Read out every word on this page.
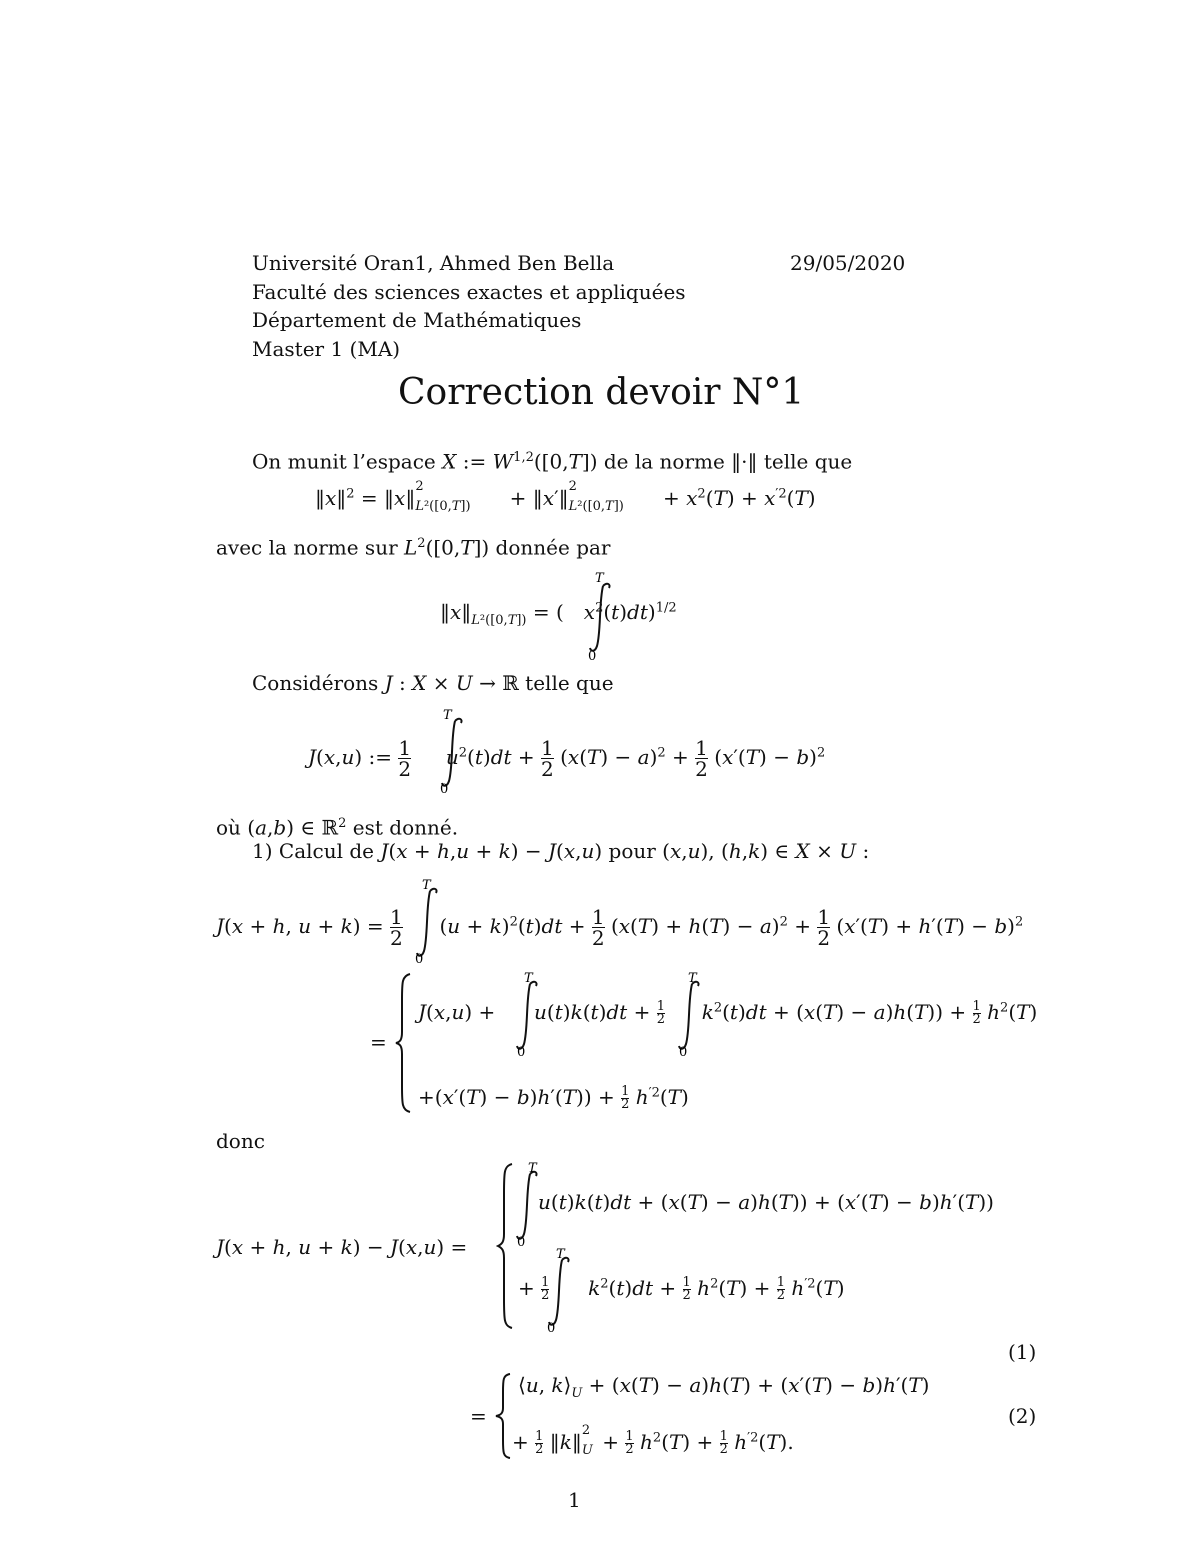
Université Oran1, Ahmed Ben Bella	29/05/2020
Faculté des sciences exactes et appliquées
Département de Mathématiques
Master 1 (MA)
Correction devoir N°1
On munit l’espace X := W$^{1,2}$([0,T]) de la norme ‖·‖ telle que
‖x‖$^2$ = ‖x‖ 2
L²([0,T]) + ‖x′‖ 2
$L^2([0,T]) + x^2(T) + x^{'2}(T)$
avec la norme sur $L^2([0,T])$ donnée par
$‖x‖_{L^2([0,T])}$ = ( $x^2(t)dt)^{1/2}$
T
0
Considérons J : X × U → ℝ telle que
J(x,u) := $\frac{1}{2} u^2(t)dt + \frac{1}{2} (x(T) - a)^2 + \frac{1}{2} (x'(T) - b)^2$
T
0
où (a,b) ∈ ℝ$^2$ est donné.
1) Calcul de J(x + h,u + k) − J(x,u) pour (x,u), (h,k) ∈ X × U :
J(x + h, $u + k) = \frac{1}{2} (u + k)^2(t)dt + \frac{1}{2} (x(T) + h(T) - a)^2 + \frac{1}{2} (x'(T) + h'(T) - b)^2$
T
0
=
$J(x,u) + u(t)k(t)dt + \frac{1}{2} k^2(t)dt + (x(T) - a)h(T)) + \frac{1}{2} h^2(T)$
T
0
T
0
$+(x'(T) - b)h'(T)) + \frac{1}{2} h^{'2}(T)$
donc
J(x + h, u + k) − J(x,u) =
T
0
u(t)k(t)dt + (x(T) − a)h(T)) + (x′(T) − b)h′(T))
+ $\frac{1}{2} k^2(t)dt + \frac{1}{2} h^2(T) + \frac{1}{2} h^{'2}(T)$
T
0
(1)
=
⟨u, $k⟩_U + (x(T) - a)h(T) + (x'(T) - b)h'(T)$
+ $\frac{1}{2}$ ‖k‖ 2
$U + \frac{1}{2} h^2(T) + \frac{1}{2} h^{'2}(T)$.
(2)
1
